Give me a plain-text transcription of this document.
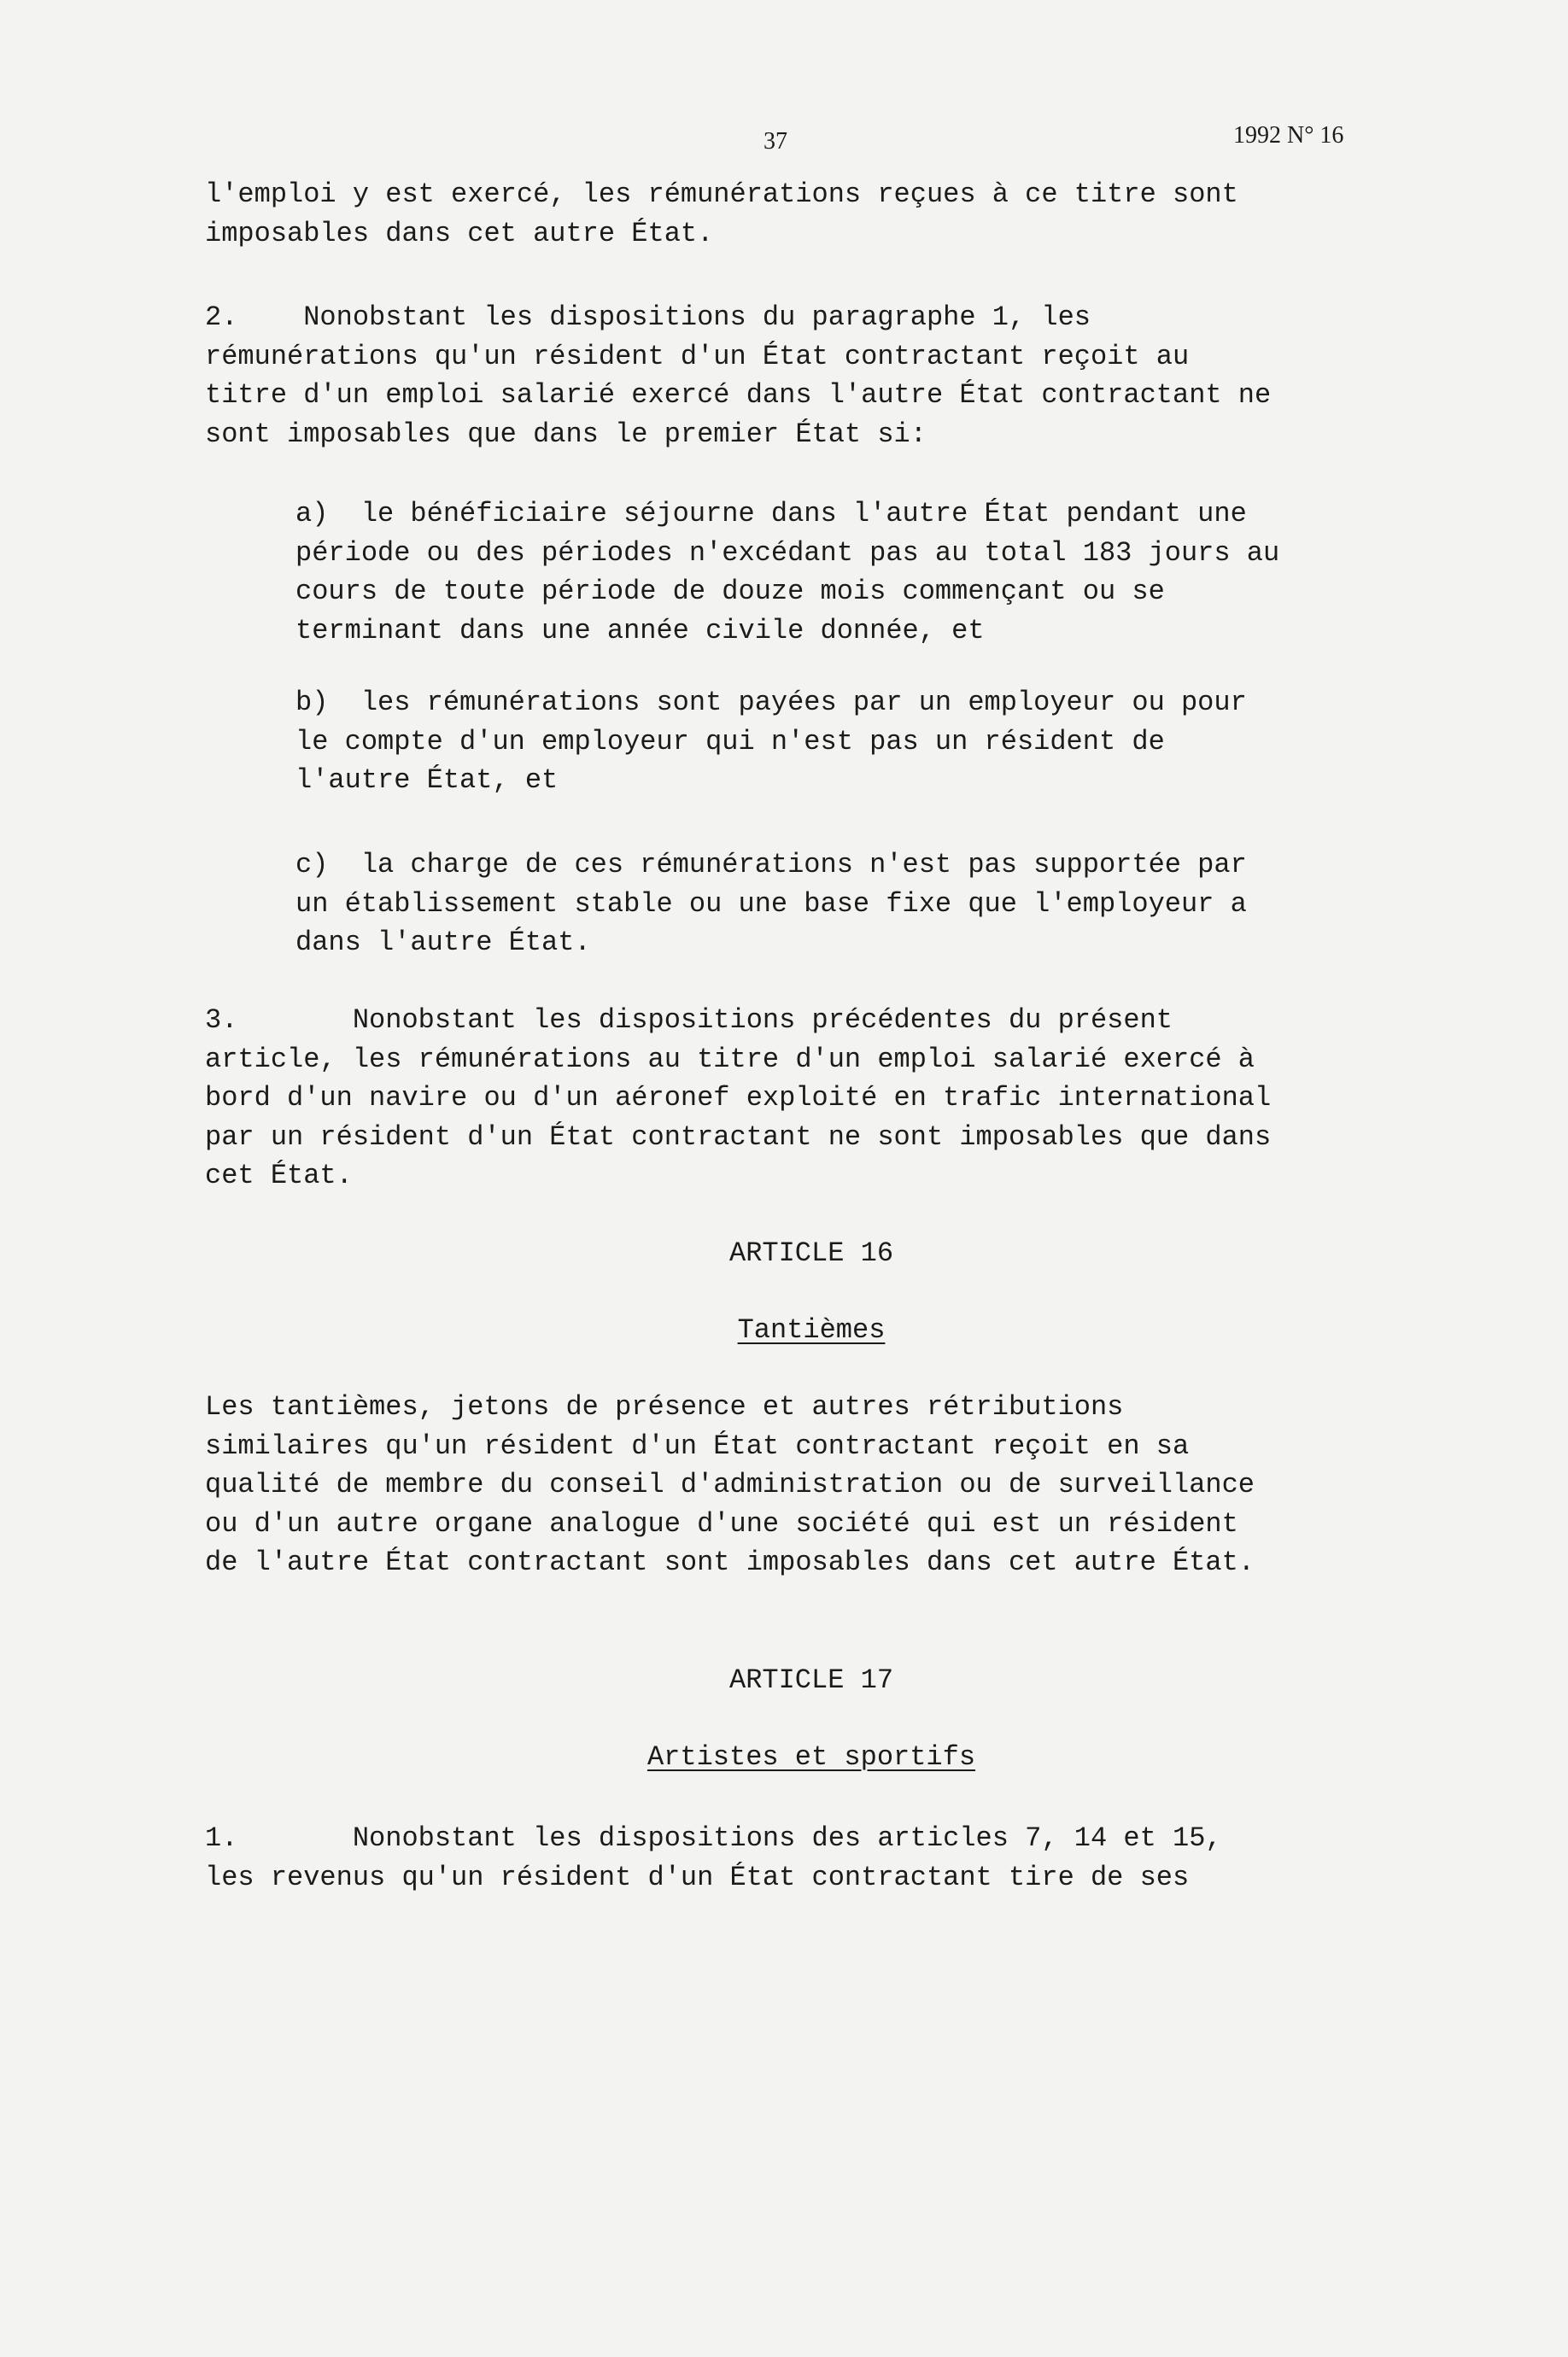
37	1992 N° 16

l'emploi y est exercé, les rémunérations reçues à ce titre sont
imposables dans cet autre État.

2.    Nonobstant les dispositions du paragraphe 1, les
rémunérations qu'un résident d'un État contractant reçoit au
titre d'un emploi salarié exercé dans l'autre État contractant ne
sont imposables que dans le premier État si:

a)  le bénéficiaire séjourne dans l'autre État pendant une
période ou des périodes n'excédant pas au total 183 jours au
cours de toute période de douze mois commençant ou se
terminant dans une année civile donnée, et

b)  les rémunérations sont payées par un employeur ou pour
le compte d'un employeur qui n'est pas un résident de
l'autre État, et

c)  la charge de ces rémunérations n'est pas supportée par
un établissement stable ou une base fixe que l'employeur a
dans l'autre État.

3.       Nonobstant les dispositions précédentes du présent
article, les rémunérations au titre d'un emploi salarié exercé à
bord d'un navire ou d'un aéronef exploité en trafic international
par un résident d'un État contractant ne sont imposables que dans
cet État.

ARTICLE 16

Tantièmes

Les tantièmes, jetons de présence et autres rétributions
similaires qu'un résident d'un État contractant reçoit en sa
qualité de membre du conseil d'administration ou de surveillance
ou d'un autre organe analogue d'une société qui est un résident
de l'autre État contractant sont imposables dans cet autre État.

ARTICLE 17

Artistes et sportifs

1.       Nonobstant les dispositions des articles 7, 14 et 15,
les revenus qu'un résident d'un État contractant tire de ses
